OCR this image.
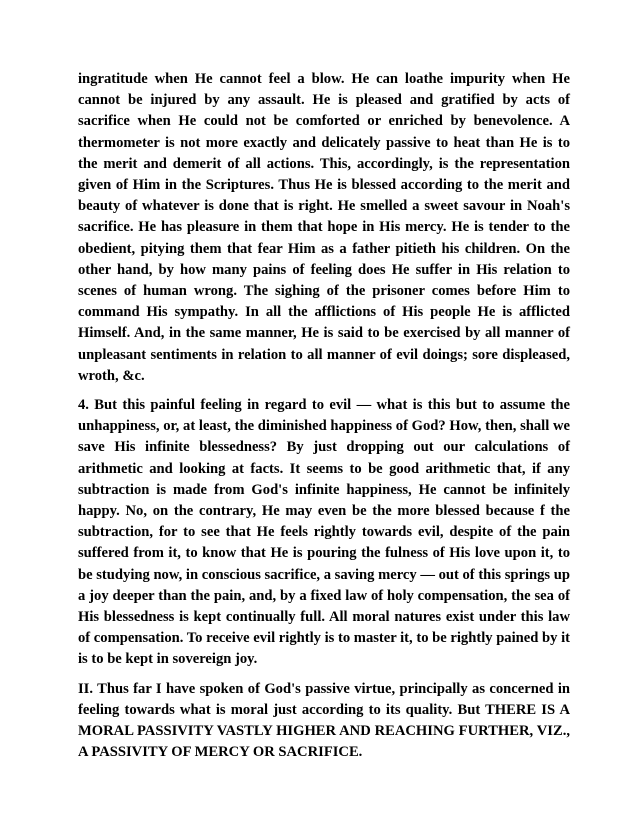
ingratitude when He cannot feel a blow. He can loathe impurity when He cannot be injured by any assault. He is pleased and gratified by acts of sacrifice when He could not be comforted or enriched by benevolence. A thermometer is not more exactly and delicately passive to heat than He is to the merit and demerit of all actions. This, accordingly, is the representation given of Him in the Scriptures. Thus He is blessed according to the merit and beauty of whatever is done that is right. He smelled a sweet savour in Noah's sacrifice. He has pleasure in them that hope in His mercy. He is tender to the obedient, pitying them that fear Him as a father pitieth his children. On the other hand, by how many pains of feeling does He suffer in His relation to scenes of human wrong. The sighing of the prisoner comes before Him to command His sympathy. In all the afflictions of His people He is afflicted Himself. And, in the same manner, He is said to be exercised by all manner of unpleasant sentiments in relation to all manner of evil doings; sore displeased, wroth, &c.

4. But this painful feeling in regard to evil — what is this but to assume the unhappiness, or, at least, the diminished happiness of God? How, then, shall we save His infinite blessedness? By just dropping out our calculations of arithmetic and looking at facts. It seems to be good arithmetic that, if any subtraction is made from God's infinite happiness, He cannot be infinitely happy. No, on the contrary, He may even be the more blessed because f the subtraction, for to see that He feels rightly towards evil, despite of the pain suffered from it, to know that He is pouring the fulness of His love upon it, to be studying now, in conscious sacrifice, a saving mercy — out of this springs up a joy deeper than the pain, and, by a fixed law of holy compensation, the sea of His blessedness is kept continually full. All moral natures exist under this law of compensation. To receive evil rightly is to master it, to be rightly pained by it is to be kept in sovereign joy.

II. Thus far I have spoken of God's passive virtue, principally as concerned in feeling towards what is moral just according to its quality. But THERE IS A MORAL PASSIVITY VASTLY HIGHER AND REACHING FURTHER, VIZ., A PASSIVITY OF MERCY OR SACRIFICE.
